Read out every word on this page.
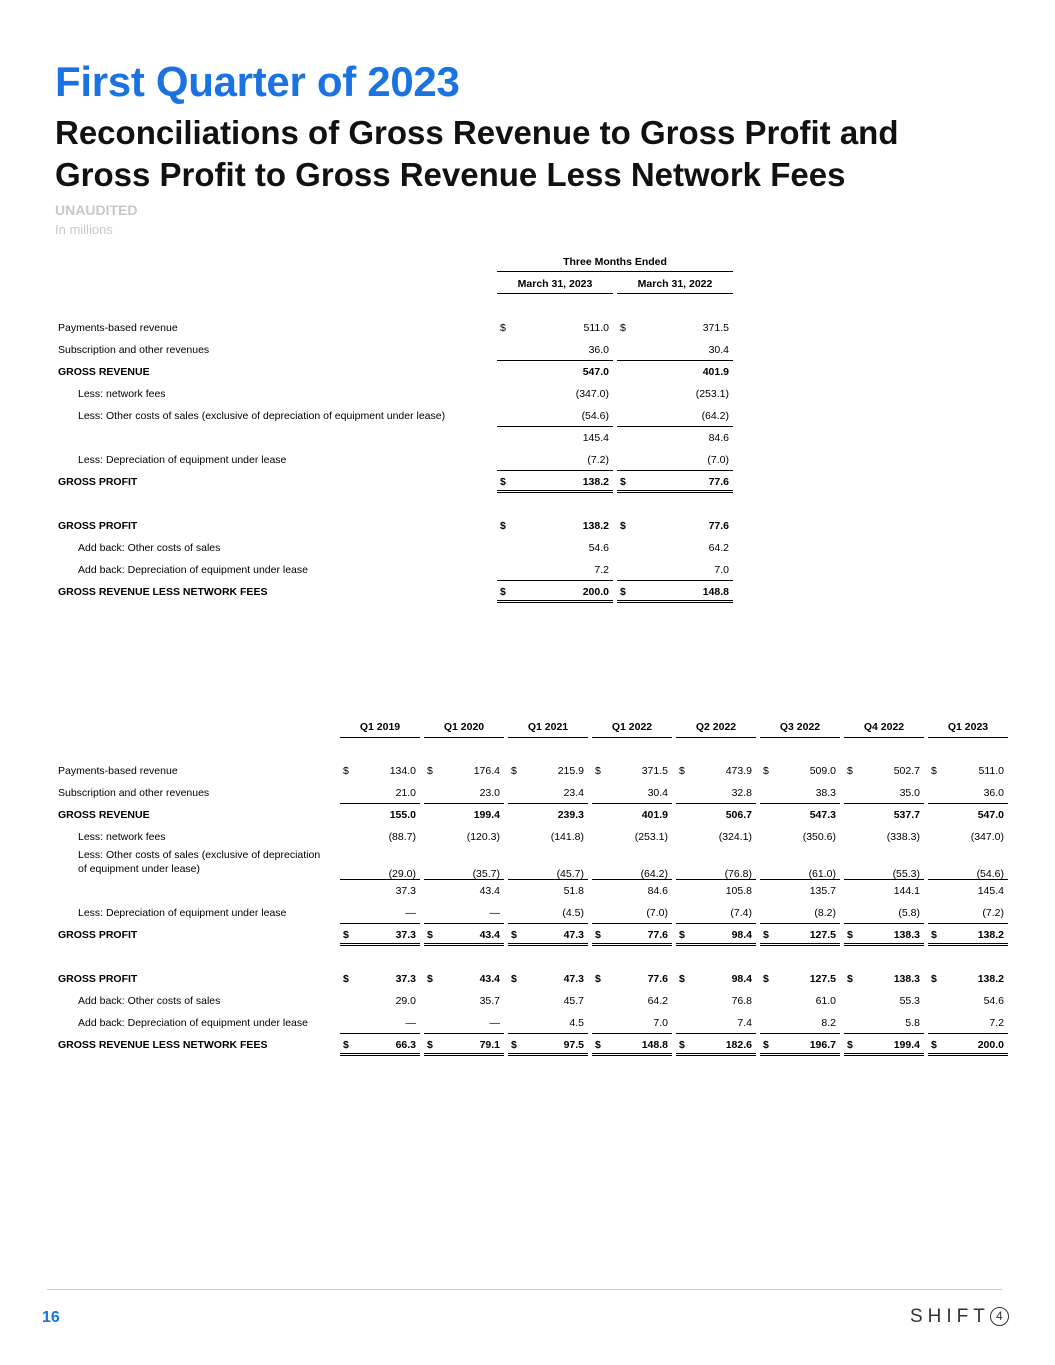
First Quarter of 2023
Reconciliations of Gross Revenue to Gross Profit and
Gross Profit to Gross Revenue Less Network Fees
UNAUDITED
In millions
Three Months Ended
March 31, 2023	March 31, 2022
Payments-based revenue	$	511.0 $	371.5
Subscription and other revenues	36.0	30.4
GROSS REVENUE	547.0	401.9
Less: network fees	(347.0)	(253.1)
Less: Other costs of sales (exclusive of depreciation of equipment under lease)	(54.6)	(64.2)
145.4	84.6
Less: Depreciation of equipment under lease	(7.2)	(7.0)
GROSS PROFIT	$	138.2 $	77.6
GROSS PROFIT	$	138.2 $	77.6
Add back: Other costs of sales	54.6	64.2
Add back: Depreciation of equipment under lease	7.2	7.0
GROSS REVENUE LESS NETWORK FEES	$	200.0 $	148.8
Q1 2019	Q1 2020	Q1 2021	Q1 2022	Q2 2022	Q3 2022	Q4 2022	Q1 2023
Payments-based revenue	$	134.0 $	176.4 $	215.9 $	371.5 $	473.9 $	509.0 $	502.7 $	511.0
Subscription and other revenues	21.0	23.0	23.4	30.4	32.8	38.3	35.0	36.0
GROSS REVENUE	155.0	199.4	239.3	401.9	506.7	547.3	537.7	547.0
Less: network fees	(88.7)	(120.3)	(141.8)	(253.1)	(324.1)	(350.6)	(338.3)	(347.0)
Less: Other costs of sales (exclusive of depreciation
of equipment under lease)	(29.0)	(35.7)	(45.7)	(64.2)	(76.8)	(61.0)	(55.3)	(54.6)
37.3	43.4	51.8	84.6	105.8	135.7	144.1	145.4
Less: Depreciation of equipment under lease	—	—	(4.5)	(7.0)	(7.4)	(8.2)	(5.8)	(7.2)
GROSS PROFIT	$	37.3 $	43.4 $	47.3 $	77.6 $	98.4 $	127.5 $	138.3 $	138.2
GROSS PROFIT	$	37.3 $	43.4 $	47.3 $	77.6 $	98.4 $	127.5 $	138.3 $	138.2
Add back: Other costs of sales	29.0	35.7	45.7	64.2	76.8	61.0	55.3	54.6
Add back: Depreciation of equipment under lease	—	—	4.5	7.0	7.4	8.2	5.8	7.2
GROSS REVENUE LESS NETWORK FEES	$	66.3 $	79.1 $	97.5 $	148.8 $	182.6 $	196.7 $	199.4 $	200.0
16	SHIFT 4
